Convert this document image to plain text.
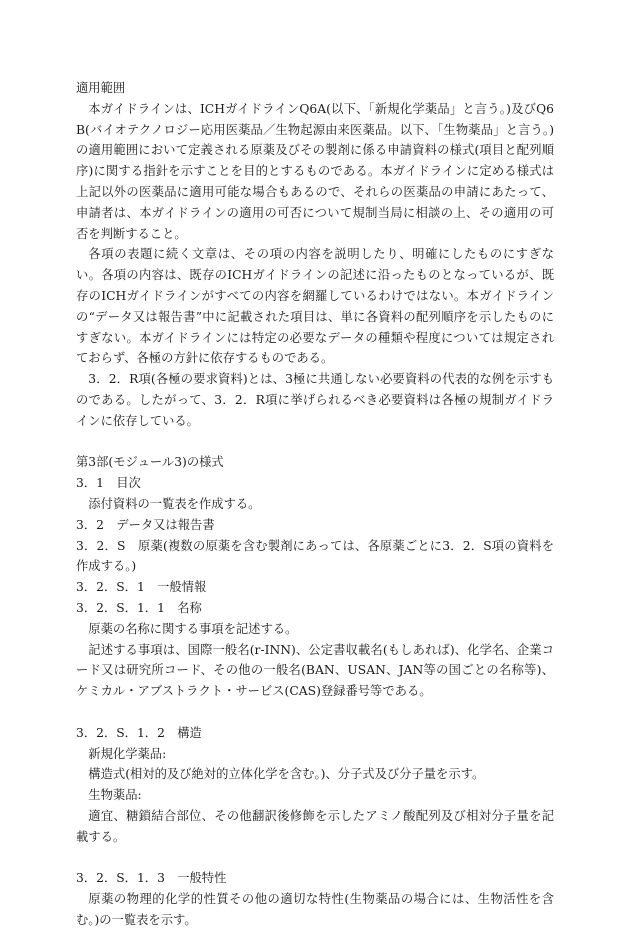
適用範囲

本ガイドラインは、ICHガイドラインQ6A(以下、「新規化学薬品」と言う。)及びQ6B(バイオテクノロジー応用医薬品／生物起源由来医薬品。以下、「生物薬品」と言う。)の適用範囲において定義される原薬及びその製剤に係る申請資料の様式(項目と配列順序)に関する指針を示すことを目的とするものである。本ガイドラインに定める様式は上記以外の医薬品に適用可能な場合もあるので、それらの医薬品の申請にあたって、申請者は、本ガイドラインの適用の可否について規制当局に相談の上、その適用の可否を判断すること。

各項の表題に続く文章は、その項の内容を説明したり、明確にしたものにすぎない。各項の内容は、既存のICHガイドラインの記述に沿ったものとなっているが、既存のICHガイドラインがすべての内容を網羅しているわけではない。本ガイドラインの“データ又は報告書”中に記載された項目は、単に各資料の配列順序を示したものにすぎない。本ガイドラインには特定の必要なデータの種類や程度については規定されておらず、各極の方針に依存するものである。

3．2．R項(各極の要求資料)とは、3極に共通しない必要資料の代表的な例を示すものである。したがって、3．2．R項に挙げられるべき必要資料は各極の規制ガイドラインに依存している。

第3部(モジュール3)の様式

3．1　目次

添付資料の一覧表を作成する。

3．2　データ又は報告書

3．2．S　原薬(複数の原薬を含む製剤にあっては、各原薬ごとに3．2．S項の資料を作成する。)

3．2．S．1　一般情報

3．2．S．1．1　名称

原薬の名称に関する事項を記述する。

記述する事項は、国際一般名(r-INN)、公定書収載名(もしあれば)、化学名、企業コード又は研究所コード、その他の一般名(BAN、USAN、JAN等の国ごとの名称等)、ケミカル・アブストラクト・サービス(CAS)登録番号等である。

3．2．S．1．2　構造

新規化学薬品:

構造式(相対的及び絶対的立体化学を含む。)、分子式及び分子量を示す。

生物薬品:

適宜、糖鎖結合部位、その他翻訳後修飾を示したアミノ酸配列及び相対分子量を記載する。

3．2．S．1．3　一般特性

原薬の物理的化学的性質その他の適切な特性(生物薬品の場合には、生物活性を含む。)の一覧表を示す。
